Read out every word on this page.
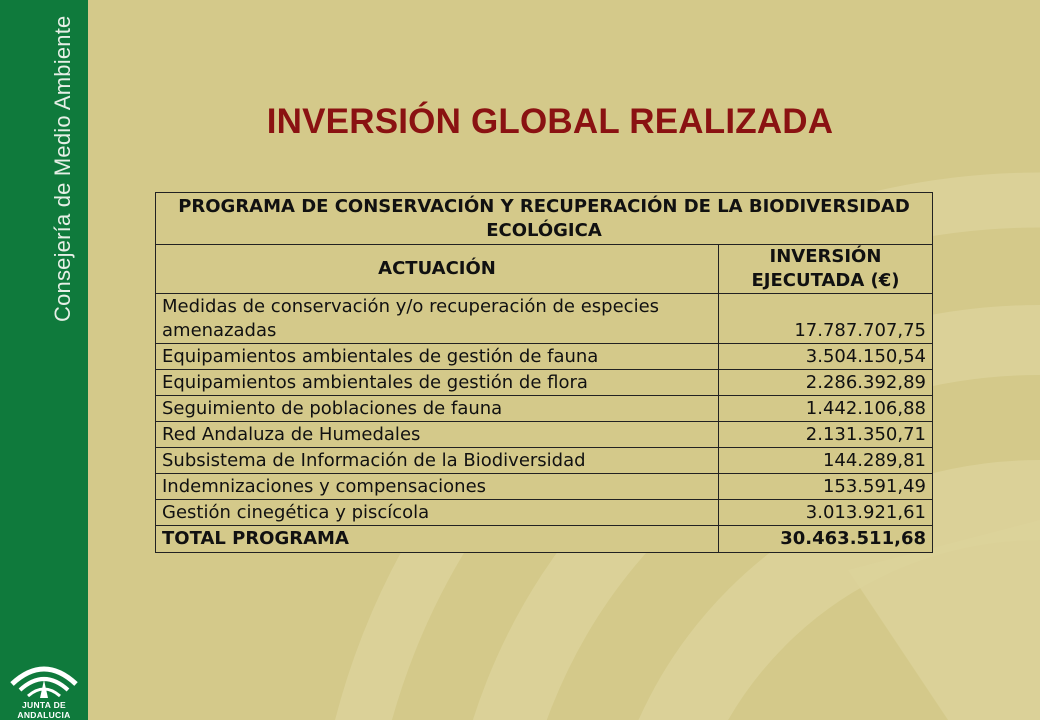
Consejería de Medio Ambiente
JUNTA DE ANDALUCIA
INVERSIÓN GLOBAL REALIZADA
PROGRAMA DE CONSERVACIÓN Y RECUPERACIÓN DE LA BIODIVERSIDAD ECOLÓGICA	
ACTUACIÓN	INVERSIÓN EJECUTADA (€)
Medidas de conservación y/o recuperación de especies amenazadas	17.787.707,75
Equipamientos ambientales de gestión de fauna	3.504.150,54
Equipamientos ambientales de gestión de flora	2.286.392,89
Seguimiento de poblaciones de fauna	1.442.106,88
Red Andaluza de Humedales	2.131.350,71
Subsistema de Información de la Biodiversidad	144.289,81
Indemnizaciones y compensaciones	153.591,49
Gestión cinegética y piscícola	3.013.921,61
TOTAL PROGRAMA	30.463.511,68
